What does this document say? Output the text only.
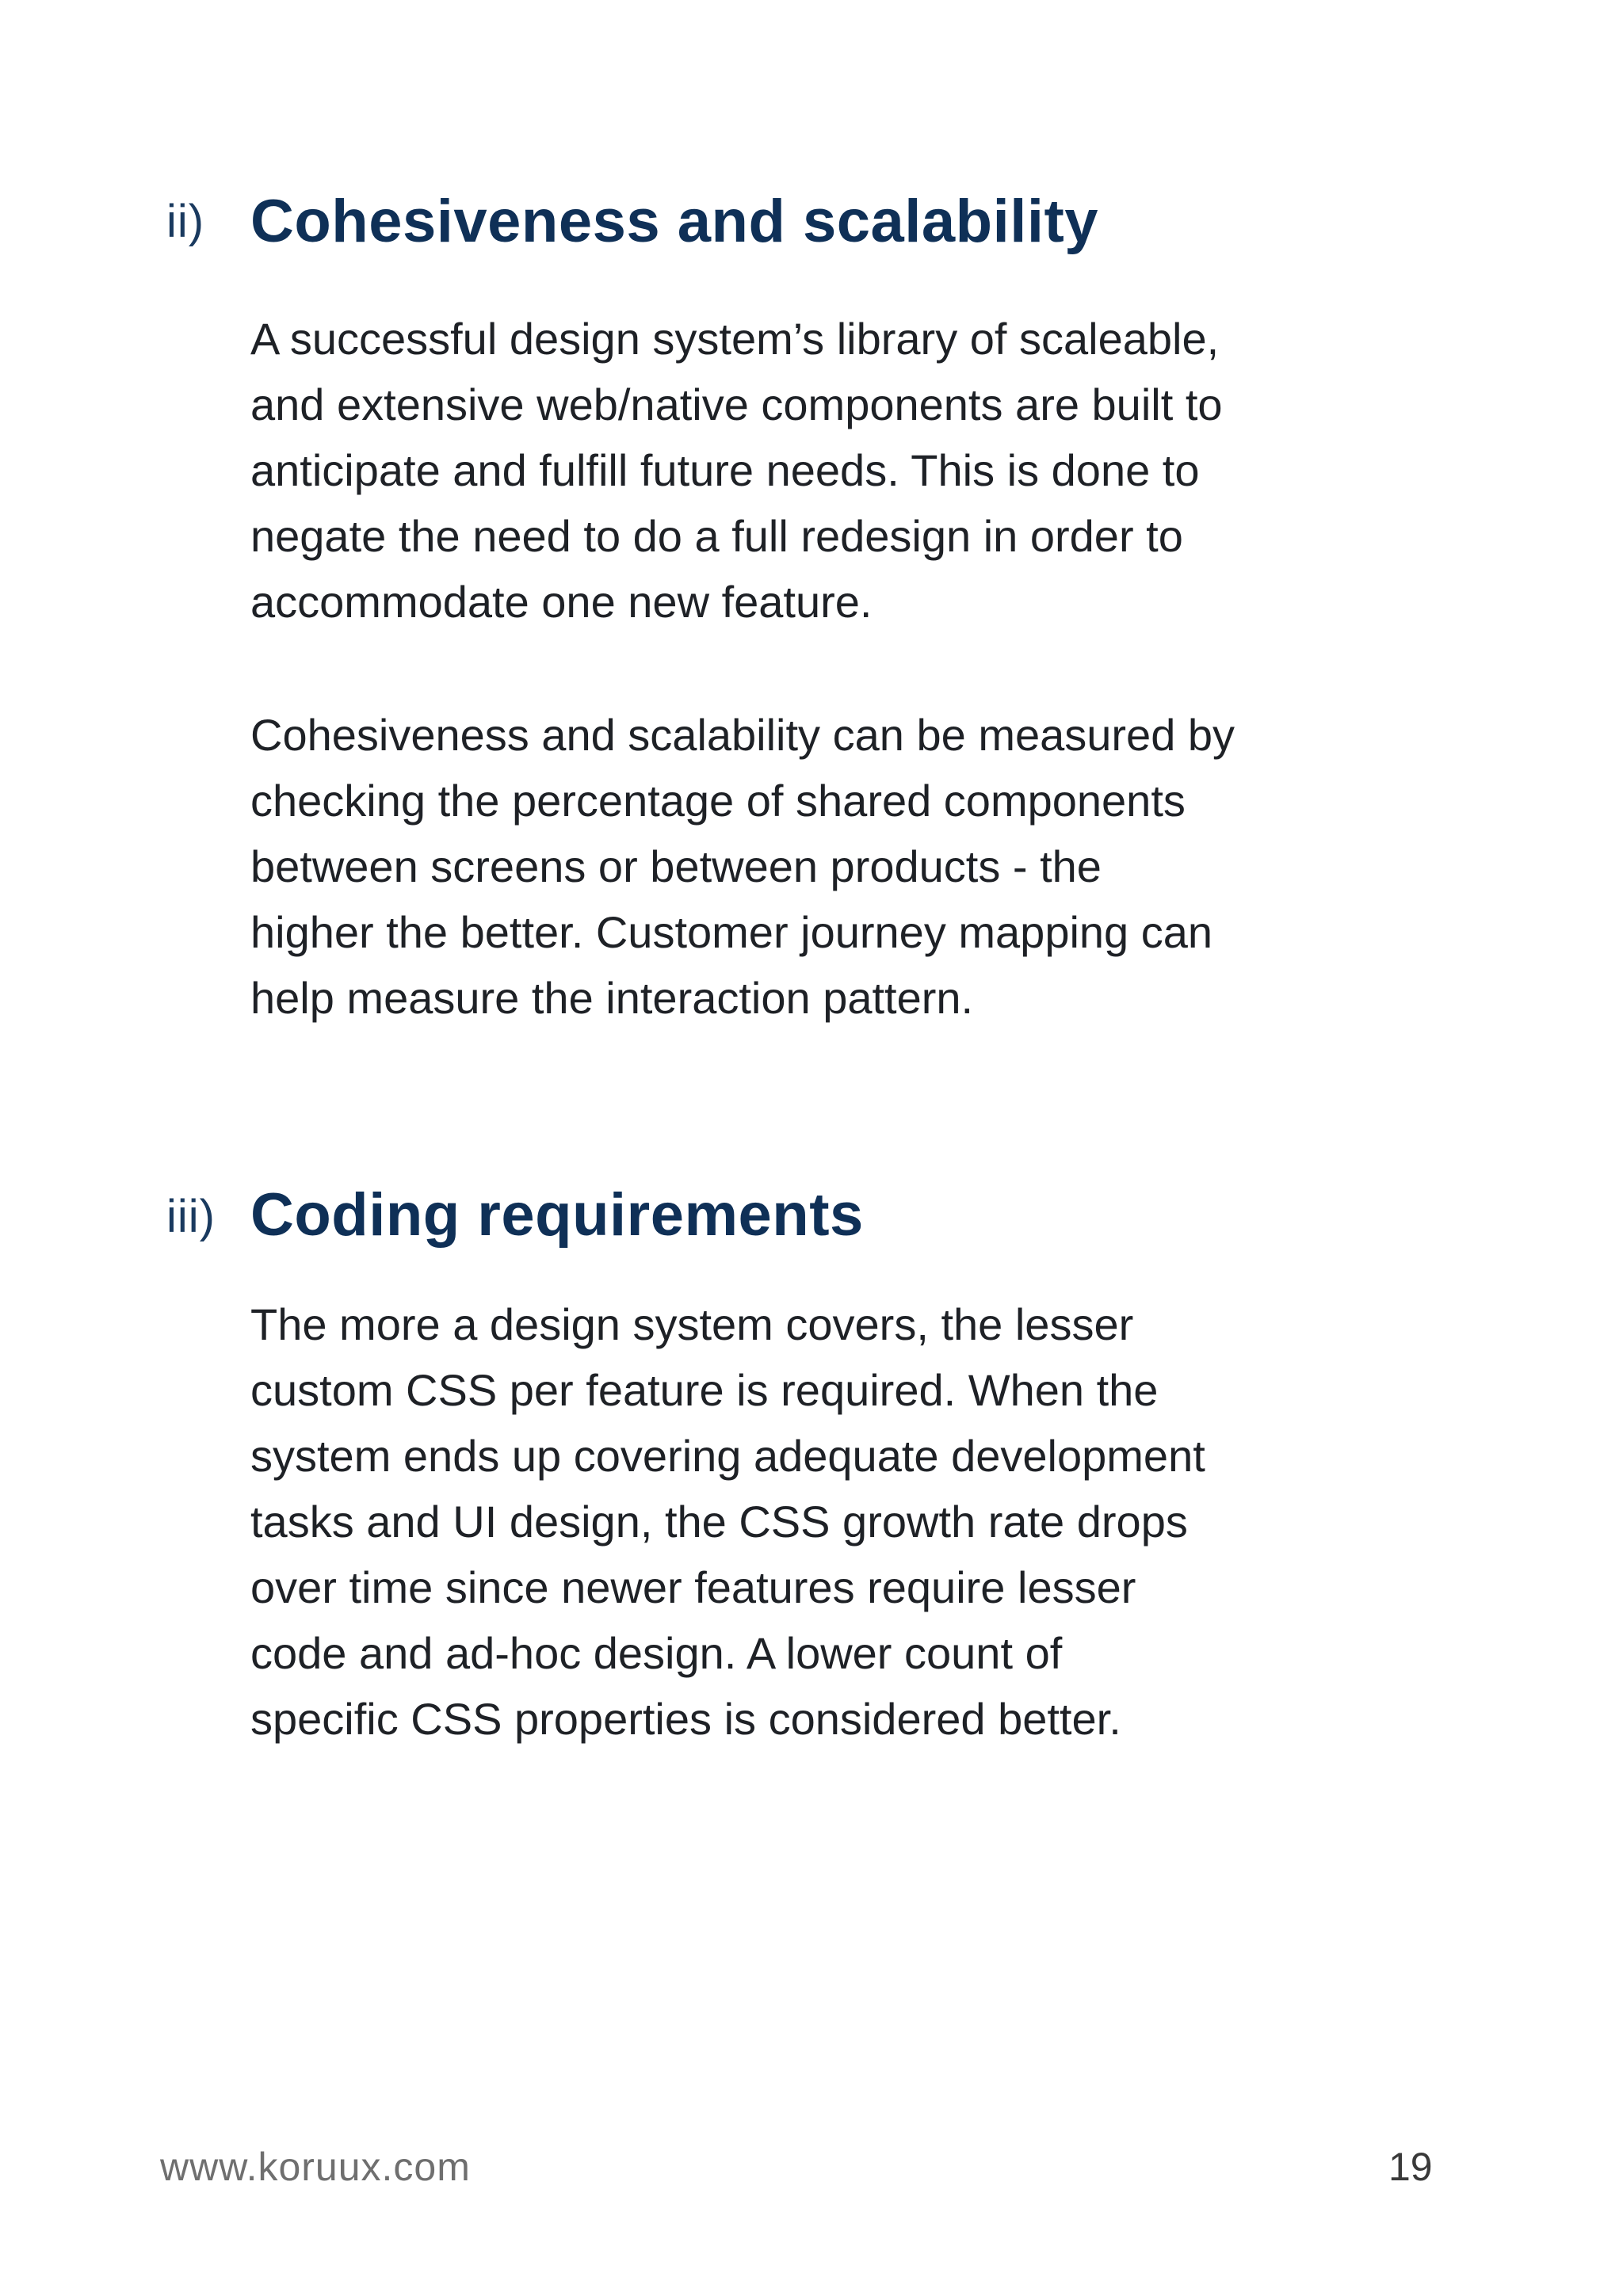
ii) Cohesiveness and scalability

A successful design system’s library of scaleable,
and extensive web/native components are built to
anticipate and fulfill future needs. This is done to
negate the need to do a full redesign in order to
accommodate one new feature.

Cohesiveness and scalability can be measured by
checking the percentage of shared components
between screens or between products - the
higher the better. Customer journey mapping can
help measure the interaction pattern.

iii) Coding requirements

The more a design system covers, the lesser
custom CSS per feature is required. When the
system ends up covering adequate development
tasks and UI design, the CSS growth rate drops
over time since newer features require lesser
code and ad-hoc design. A lower count of
specific CSS properties is considered better.

www.koruux.com	19
